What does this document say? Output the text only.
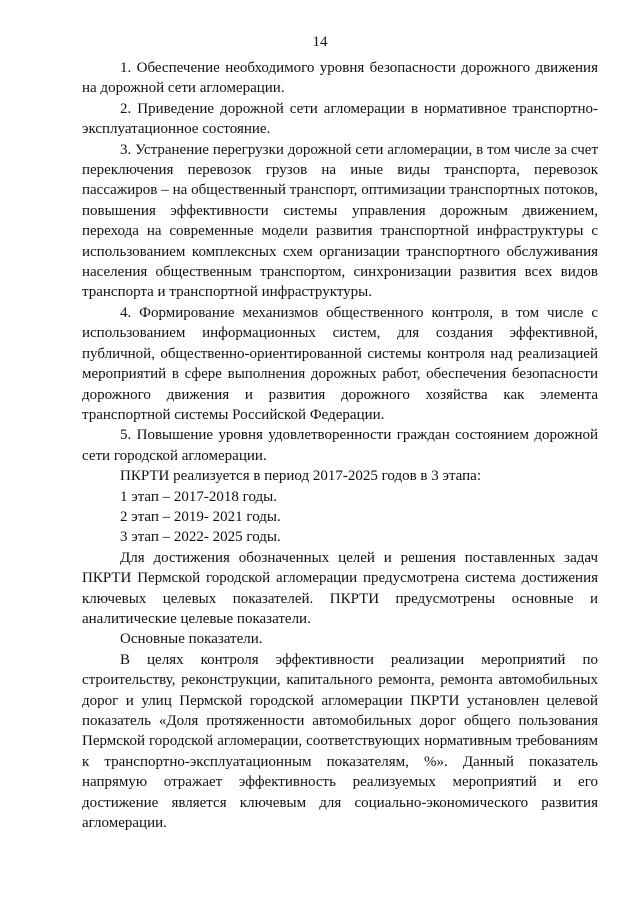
14

1. Обеспечение необходимого уровня безопасности дорожного движения на дорожной сети агломерации.

2. Приведение дорожной сети агломерации в нормативное транспортно-эксплуатационное состояние.

3. Устранение перегрузки дорожной сети агломерации, в том числе за счет переключения перевозок грузов на иные виды транспорта, перевозок пассажиров – на общественный транспорт, оптимизации транспортных потоков, повышения эффективности системы управления дорожным движением, перехода на современные модели развития транспортной инфраструктуры с использованием комплексных схем организации транспортного обслуживания населения общественным транспортом, синхронизации развития всех видов транспорта и транспортной инфраструктуры.

4. Формирование механизмов общественного контроля, в том числе с использованием информационных систем, для создания эффективной, публичной, общественно-ориентированной системы контроля над реализацией мероприятий в сфере выполнения дорожных работ, обеспечения безопасности дорожного движения и развития дорожного хозяйства как элемента транспортной системы Российской Федерации.

5. Повышение уровня удовлетворенности граждан состоянием дорожной сети городской агломерации.

ПКРТИ реализуется в период 2017-2025 годов в 3 этапа:

1 этап – 2017-2018 годы.

2 этап – 2019- 2021 годы.

3 этап – 2022- 2025 годы.

Для достижения обозначенных целей и решения поставленных задач ПКРТИ Пермской городской агломерации предусмотрена система достижения ключевых целевых показателей. ПКРТИ предусмотрены основные и аналитические целевые показатели.

Основные показатели.

В целях контроля эффективности реализации мероприятий по строительству, реконструкции, капитального ремонта, ремонта автомобильных дорог и улиц Пермской городской агломерации ПКРТИ установлен целевой показатель «Доля протяженности автомобильных дорог общего пользования Пермской городской агломерации, соответствующих нормативным требованиям к транспортно-эксплуатационным показателям, %». Данный показатель напрямую отражает эффективность реализуемых мероприятий и его достижение является ключевым для социально-экономического развития агломерации.
